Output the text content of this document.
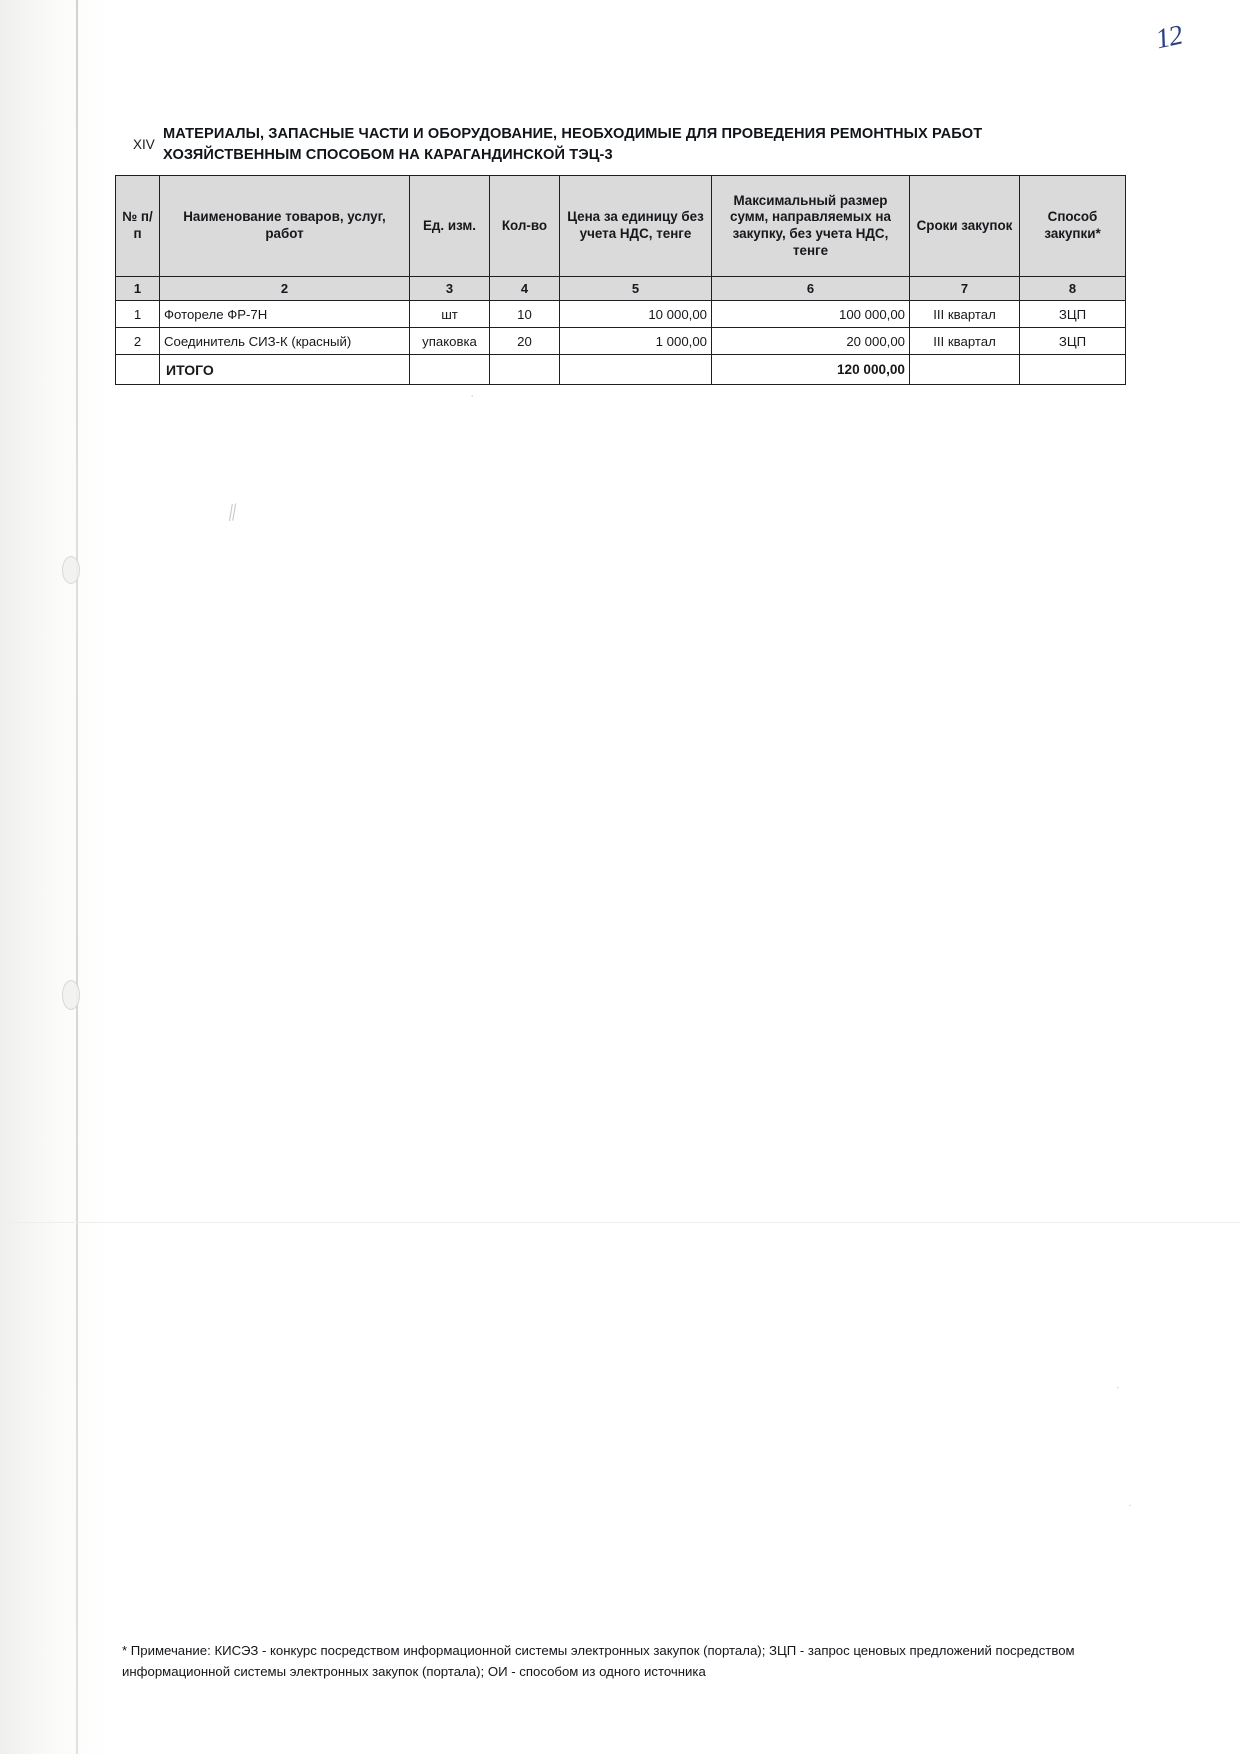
12
XIV
МАТЕРИАЛЫ, ЗАПАСНЫЕ ЧАСТИ И ОБОРУДОВАНИЕ, НЕОБХОДИМЫЕ ДЛЯ ПРОВЕДЕНИЯ РЕМОНТНЫХ РАБОТ ХОЗЯЙСТВЕННЫМ СПОСОБОМ НА КАРАГАНДИНСКОЙ ТЭЦ-3
№ п/п	Наименование товаров, услуг, работ	Ед. изм.	Кол-во	Цена за единицу без учета НДС, тенге	Максимальный размер сумм, направляемых на закупку, без учета НДС, тенге	Сроки закупок	Способ закупки*
1	2	3	4	5	6	7	8
1	Фотореле ФР-7Н	шт	10	10 000,00	100 000,00	III квартал	ЗЦП
2	Соединитель СИЗ-К (красный)	упаковка	20	1 000,00	20 000,00	III квартал	ЗЦП
	ИТОГО				120 000,00		
⫽
·
·
·
* Примечание: КИСЭЗ - конкурс посредством информационной системы электронных закупок (портала); ЗЦП - запрос ценовых предложений посредством информационной системы электронных закупок (портала); ОИ - способом из одного источника
